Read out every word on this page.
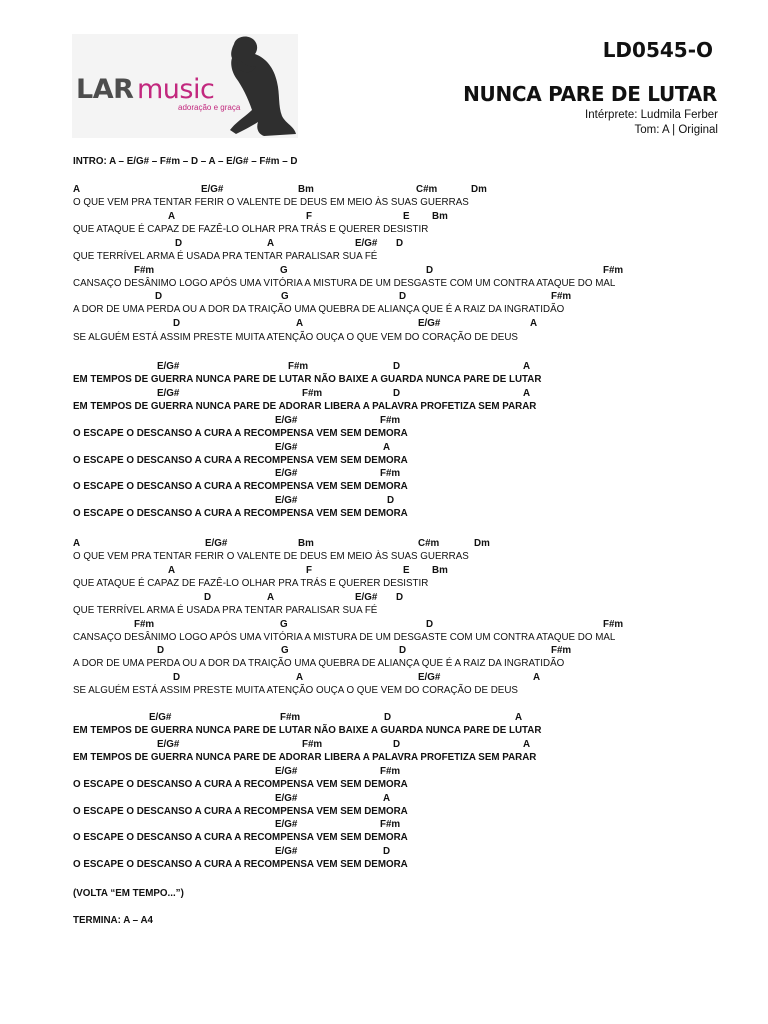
LAR music
adoração e graça
LD0545-O
NUNCA PARE DE LUTAR
Intérprete: Ludmila Ferber
Tom: A | Original
INTRO: A – E/G# – F#m – D – A – E/G# – F#m – D
A	E/G#	Bm	C#m	Dm
O QUE VEM PRA TENTAR FERIR O VALENTE DE DEUS EM MEIO ÀS SUAS GUERRAS
A	F	E Bm
QUE ATAQUE É CAPAZ DE FAZÊ-LO OLHAR PRA TRÁS E QUERER DESISTIR
D	A	E/G# D
QUE TERRÍVEL ARMA É USADA PRA TENTAR PARALISAR SUA FÉ
F#m	G	D	F#m
CANSAÇO DESÂNIMO LOGO APÓS UMA VITÓRIA A MISTURA DE UM DESGASTE COM UM CONTRA ATAQUE DO MAL
D	G	D	F#m
A DOR DE UMA PERDA OU A DOR DA TRAIÇÃO UMA QUEBRA DE ALIANÇA QUE É A RAIZ DA INGRATIDÃO
D	A	E/G#	A
SE ALGUÉM ESTÁ ASSIM PRESTE MUITA ATENÇÃO OUÇA O QUE VEM DO CORAÇÃO DE DEUS
E/G#	F#m	D	A
EM TEMPOS DE GUERRA NUNCA PARE DE LUTAR NÃO BAIXE A GUARDA NUNCA PARE DE LUTAR
E/G#	F#m	D	A
EM TEMPOS DE GUERRA NUNCA PARE DE ADORAR LIBERA A PALAVRA PROFETIZA SEM PARAR
E/G#	F#m
O ESCAPE O DESCANSO A CURA A RECOMPENSA VEM SEM DEMORA
E/G#	A
O ESCAPE O DESCANSO A CURA A RECOMPENSA VEM SEM DEMORA
E/G#	F#m
O ESCAPE O DESCANSO A CURA A RECOMPENSA VEM SEM DEMORA
E/G#	D
O ESCAPE O DESCANSO A CURA A RECOMPENSA VEM SEM DEMORA
A	E/G#	Bm	C#m	Dm
O QUE VEM PRA TENTAR FERIR O VALENTE DE DEUS EM MEIO ÀS SUAS GUERRAS
A	F	E Bm
QUE ATAQUE É CAPAZ DE FAZÊ-LO OLHAR PRA TRÁS E QUERER DESISTIR
D	A	E/G# D
QUE TERRÍVEL ARMA É USADA PRA TENTAR PARALISAR SUA FÉ
F#m	G	D	F#m
CANSAÇO DESÂNIMO LOGO APÓS UMA VITÓRIA A MISTURA DE UM DESGASTE COM UM CONTRA ATAQUE DO MAL
D	G	D	F#m
A DOR DE UMA PERDA OU A DOR DA TRAIÇÃO UMA QUEBRA DE ALIANÇA QUE É A RAIZ DA INGRATIDÃO
D	A	E/G#	A
SE ALGUÉM ESTÁ ASSIM PRESTE MUITA ATENÇÃO OUÇA O QUE VEM DO CORAÇÃO DE DEUS
E/G#	F#m	D	A
EM TEMPOS DE GUERRA NUNCA PARE DE LUTAR NÃO BAIXE A GUARDA NUNCA PARE DE LUTAR
E/G#	F#m	D	A
EM TEMPOS DE GUERRA NUNCA PARE DE ADORAR LIBERA A PALAVRA PROFETIZA SEM PARAR
E/G#	F#m
O ESCAPE O DESCANSO A CURA A RECOMPENSA VEM SEM DEMORA
E/G#	A
O ESCAPE O DESCANSO A CURA A RECOMPENSA VEM SEM DEMORA
E/G#	F#m
O ESCAPE O DESCANSO A CURA A RECOMPENSA VEM SEM DEMORA
E/G#	D
O ESCAPE O DESCANSO A CURA A RECOMPENSA VEM SEM DEMORA
(VOLTA “EM TEMPO...”)
TERMINA: A – A4
